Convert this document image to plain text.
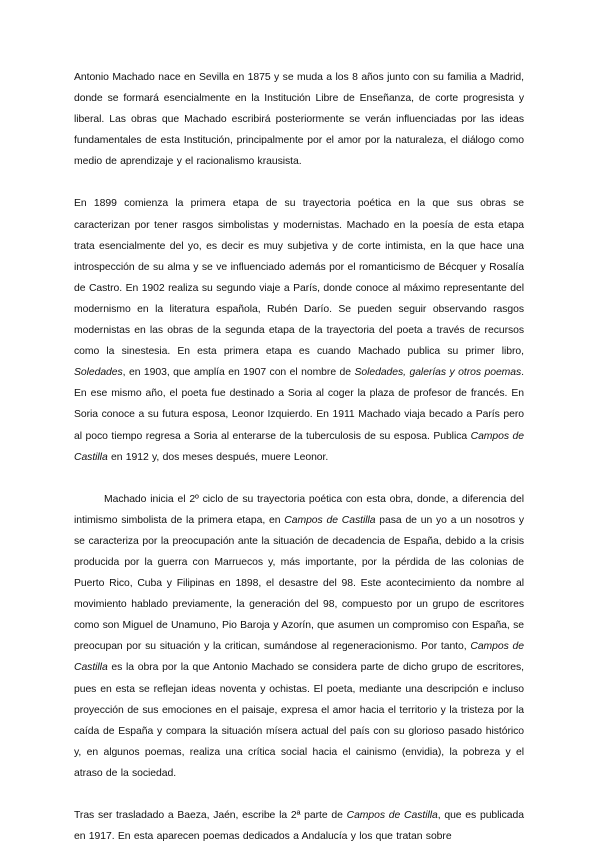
Antonio Machado nace en Sevilla en 1875 y se muda a los 8 años junto con su familia a Madrid, donde se formará esencialmente en la Institución Libre de Enseñanza, de corte progresista y liberal. Las obras que Machado escribirá posteriormente se verán influenciadas por las ideas fundamentales de esta Institución, principalmente por el amor por la naturaleza, el diálogo como medio de aprendizaje y el racionalismo krausista.

En 1899 comienza la primera etapa de su trayectoria poética en la que sus obras se caracterizan por tener rasgos simbolistas y modernistas. Machado en la poesía de esta etapa trata esencialmente del yo, es decir es muy subjetiva y de corte intimista, en la que hace una introspección de su alma y se ve influenciado además por el romanticismo de Bécquer y Rosalía de Castro. En 1902 realiza su segundo viaje a París, donde conoce al máximo representante del modernismo en la literatura española, Rubén Darío. Se pueden seguir observando rasgos modernistas en las obras de la segunda etapa de la trayectoria del poeta a través de recursos como la sinestesia. En esta primera etapa es cuando Machado publica su primer libro, Soledades, en 1903, que amplía en 1907 con el nombre de Soledades, galerías y otros poemas. En ese mismo año, el poeta fue destinado a Soria al coger la plaza de profesor de francés. En Soria conoce a su futura esposa, Leonor Izquierdo. En 1911 Machado viaja becado a París pero al poco tiempo regresa a Soria al enterarse de la tuberculosis de su esposa. Publica Campos de Castilla en 1912 y, dos meses después, muere Leonor.

Machado inicia el 2º ciclo de su trayectoria poética con esta obra, donde, a diferencia del intimismo simbolista de la primera etapa, en Campos de Castilla pasa de un yo a un nosotros y se caracteriza por la preocupación ante la situación de decadencia de España, debido a la crisis producida por la guerra con Marruecos y, más importante, por la pérdida de las colonias de Puerto Rico, Cuba y Filipinas en 1898, el desastre del 98. Este acontecimiento da nombre al movimiento hablado previamente, la generación del 98, compuesto por un grupo de escritores como son Miguel de Unamuno, Pio Baroja y Azorín, que asumen un compromiso con España, se preocupan por su situación y la critican, sumándose al regeneracionismo. Por tanto, Campos de Castilla es la obra por la que Antonio Machado se considera parte de dicho grupo de escritores, pues en esta se reflejan ideas noventa y ochistas. El poeta, mediante una descripción e incluso proyección de sus emociones en el paisaje, expresa el amor hacia el territorio y la tristeza por la caída de España y compara la situación mísera actual del país con su glorioso pasado histórico y, en algunos poemas, realiza una crítica social hacia el cainismo (envidia), la pobreza y el atraso de la sociedad.

Tras ser trasladado a Baeza, Jaén, escribe la 2ª parte de Campos de Castilla, que es publicada en 1917. En esta aparecen poemas dedicados a Andalucía y los que tratan sobre
